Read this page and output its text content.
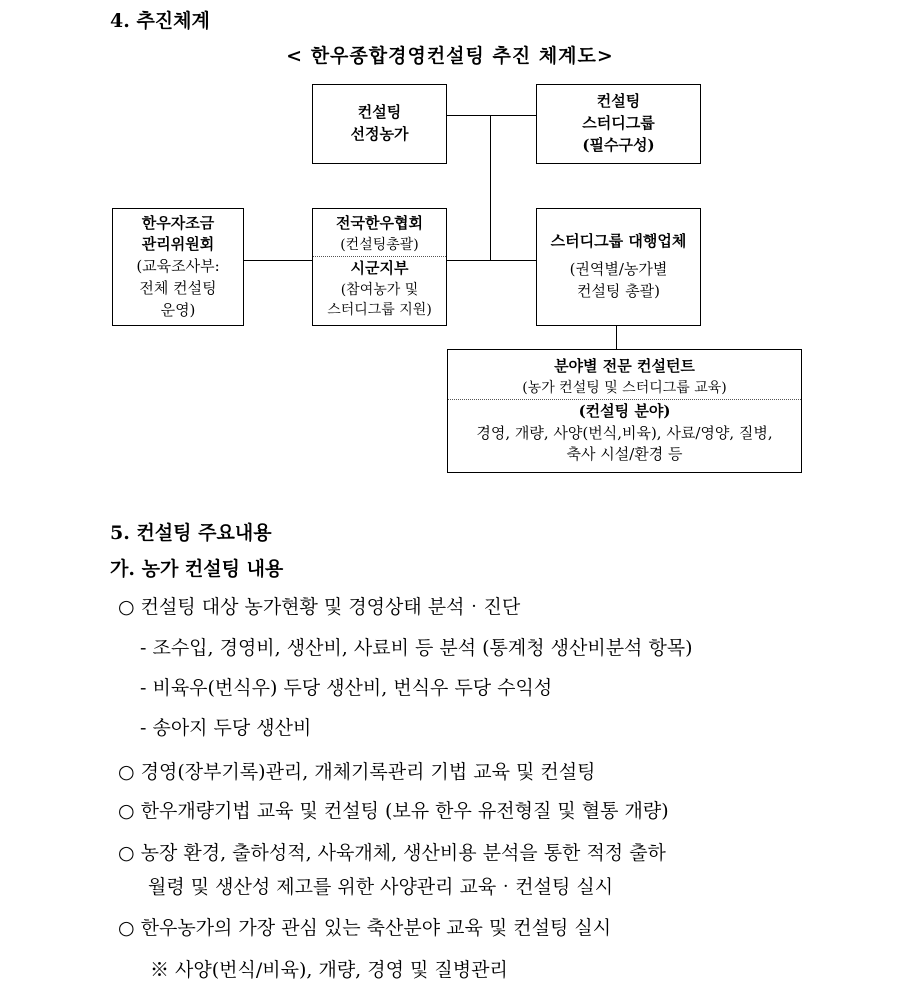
4. 추진체계
< 한우종합경영컨설팅 추진 체계도>
컨설팅
선정농가
컨설팅
스터디그룹
(필수구성)
한우자조금
관리위원회
(교육조사부:
전체 컨설팅
운영)
전국한우협회
(컨설팅총괄)
시군지부
(참여농가 및
스터디그룹 지원)
스터디그룹 대행업체
(권역별/농가별
컨설팅 총괄)
분야별 전문 컨설턴트
(농가 컨설팅 및 스터디그룹 교육)
(컨설팅 분야)
경영, 개량, 사양(번식,비육), 사료/영양, 질병,
축사 시설/환경 등
5. 컨설팅 주요내용
가. 농가 컨설팅 내용
○ 컨설팅 대상 농가현황 및 경영상태 분석‧진단
- 조수입, 경영비, 생산비, 사료비 등 분석 (통계청 생산비분석 항목)
- 비육우(번식우) 두당 생산비, 번식우 두당 수익성
- 송아지 두당 생산비
○ 경영(장부기록)관리, 개체기록관리 기법 교육 및 컨설팅
○ 한우개량기법 교육 및 컨설팅 (보유 한우 유전형질 및 혈통 개량)
○ 농장 환경, 출하성적, 사육개체, 생산비용 분석을 통한 적정 출하
월령 및 생산성 제고를 위한 사양관리 교육‧컨설팅 실시
○ 한우농가의 가장 관심 있는 축산분야 교육 및 컨설팅 실시
※ 사양(번식/비육), 개량, 경영 및 질병관리
